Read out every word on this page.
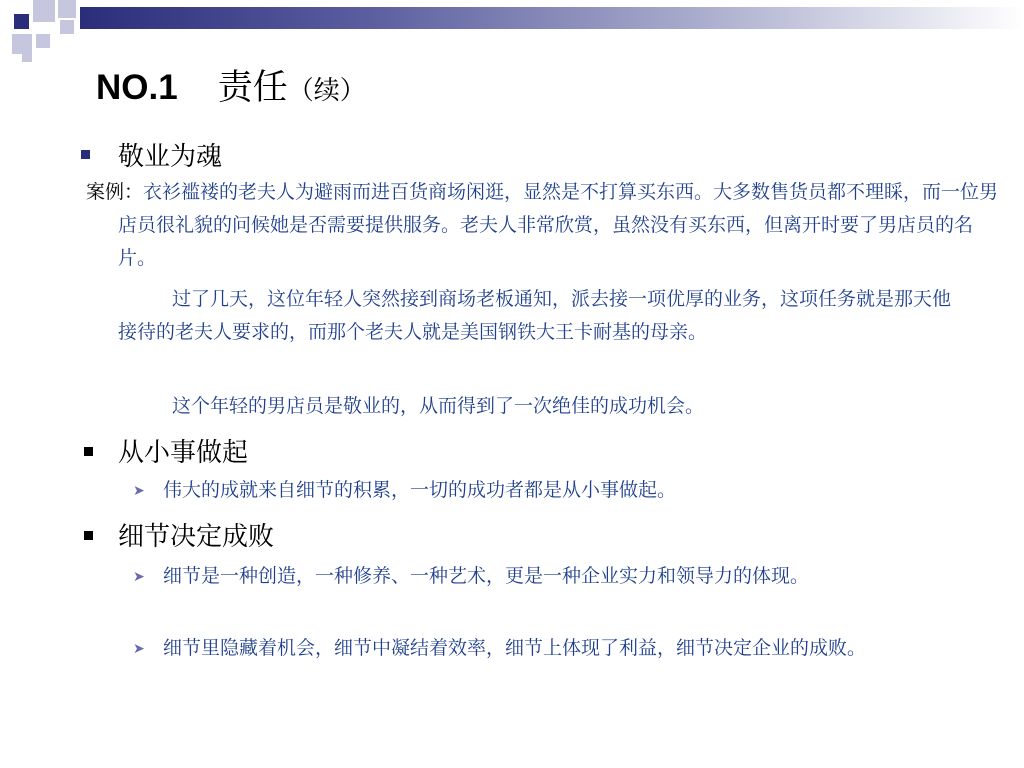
NO.1 责任（续）
敬业为魂

案例：衣衫褴褛的老夫人为避雨而进百货商场闲逛，显然是不打算买东西。大多数售货员都不理睬，而一位男店员很礼貌的问候她是否需要提供服务。老夫人非常欣赏，虽然没有买东西，但离开时要了男店员的名片。

过了几天，这位年轻人突然接到商场老板通知，派去接一项优厚的业务，这项任务就是那天他接待的老夫人要求的，而那个老夫人就是美国钢铁大王卡耐基的母亲。

这个年轻的男店员是敬业的，从而得到了一次绝佳的成功机会。

从小事做起
➤ 伟大的成就来自细节的积累，一切的成功者都是从小事做起。

细节决定成败
➤ 细节是一种创造，一种修养、一种艺术，更是一种企业实力和领导力的体现。

➤ 细节里隐藏着机会，细节中凝结着效率，细节上体现了利益，细节决定企业的成败。
